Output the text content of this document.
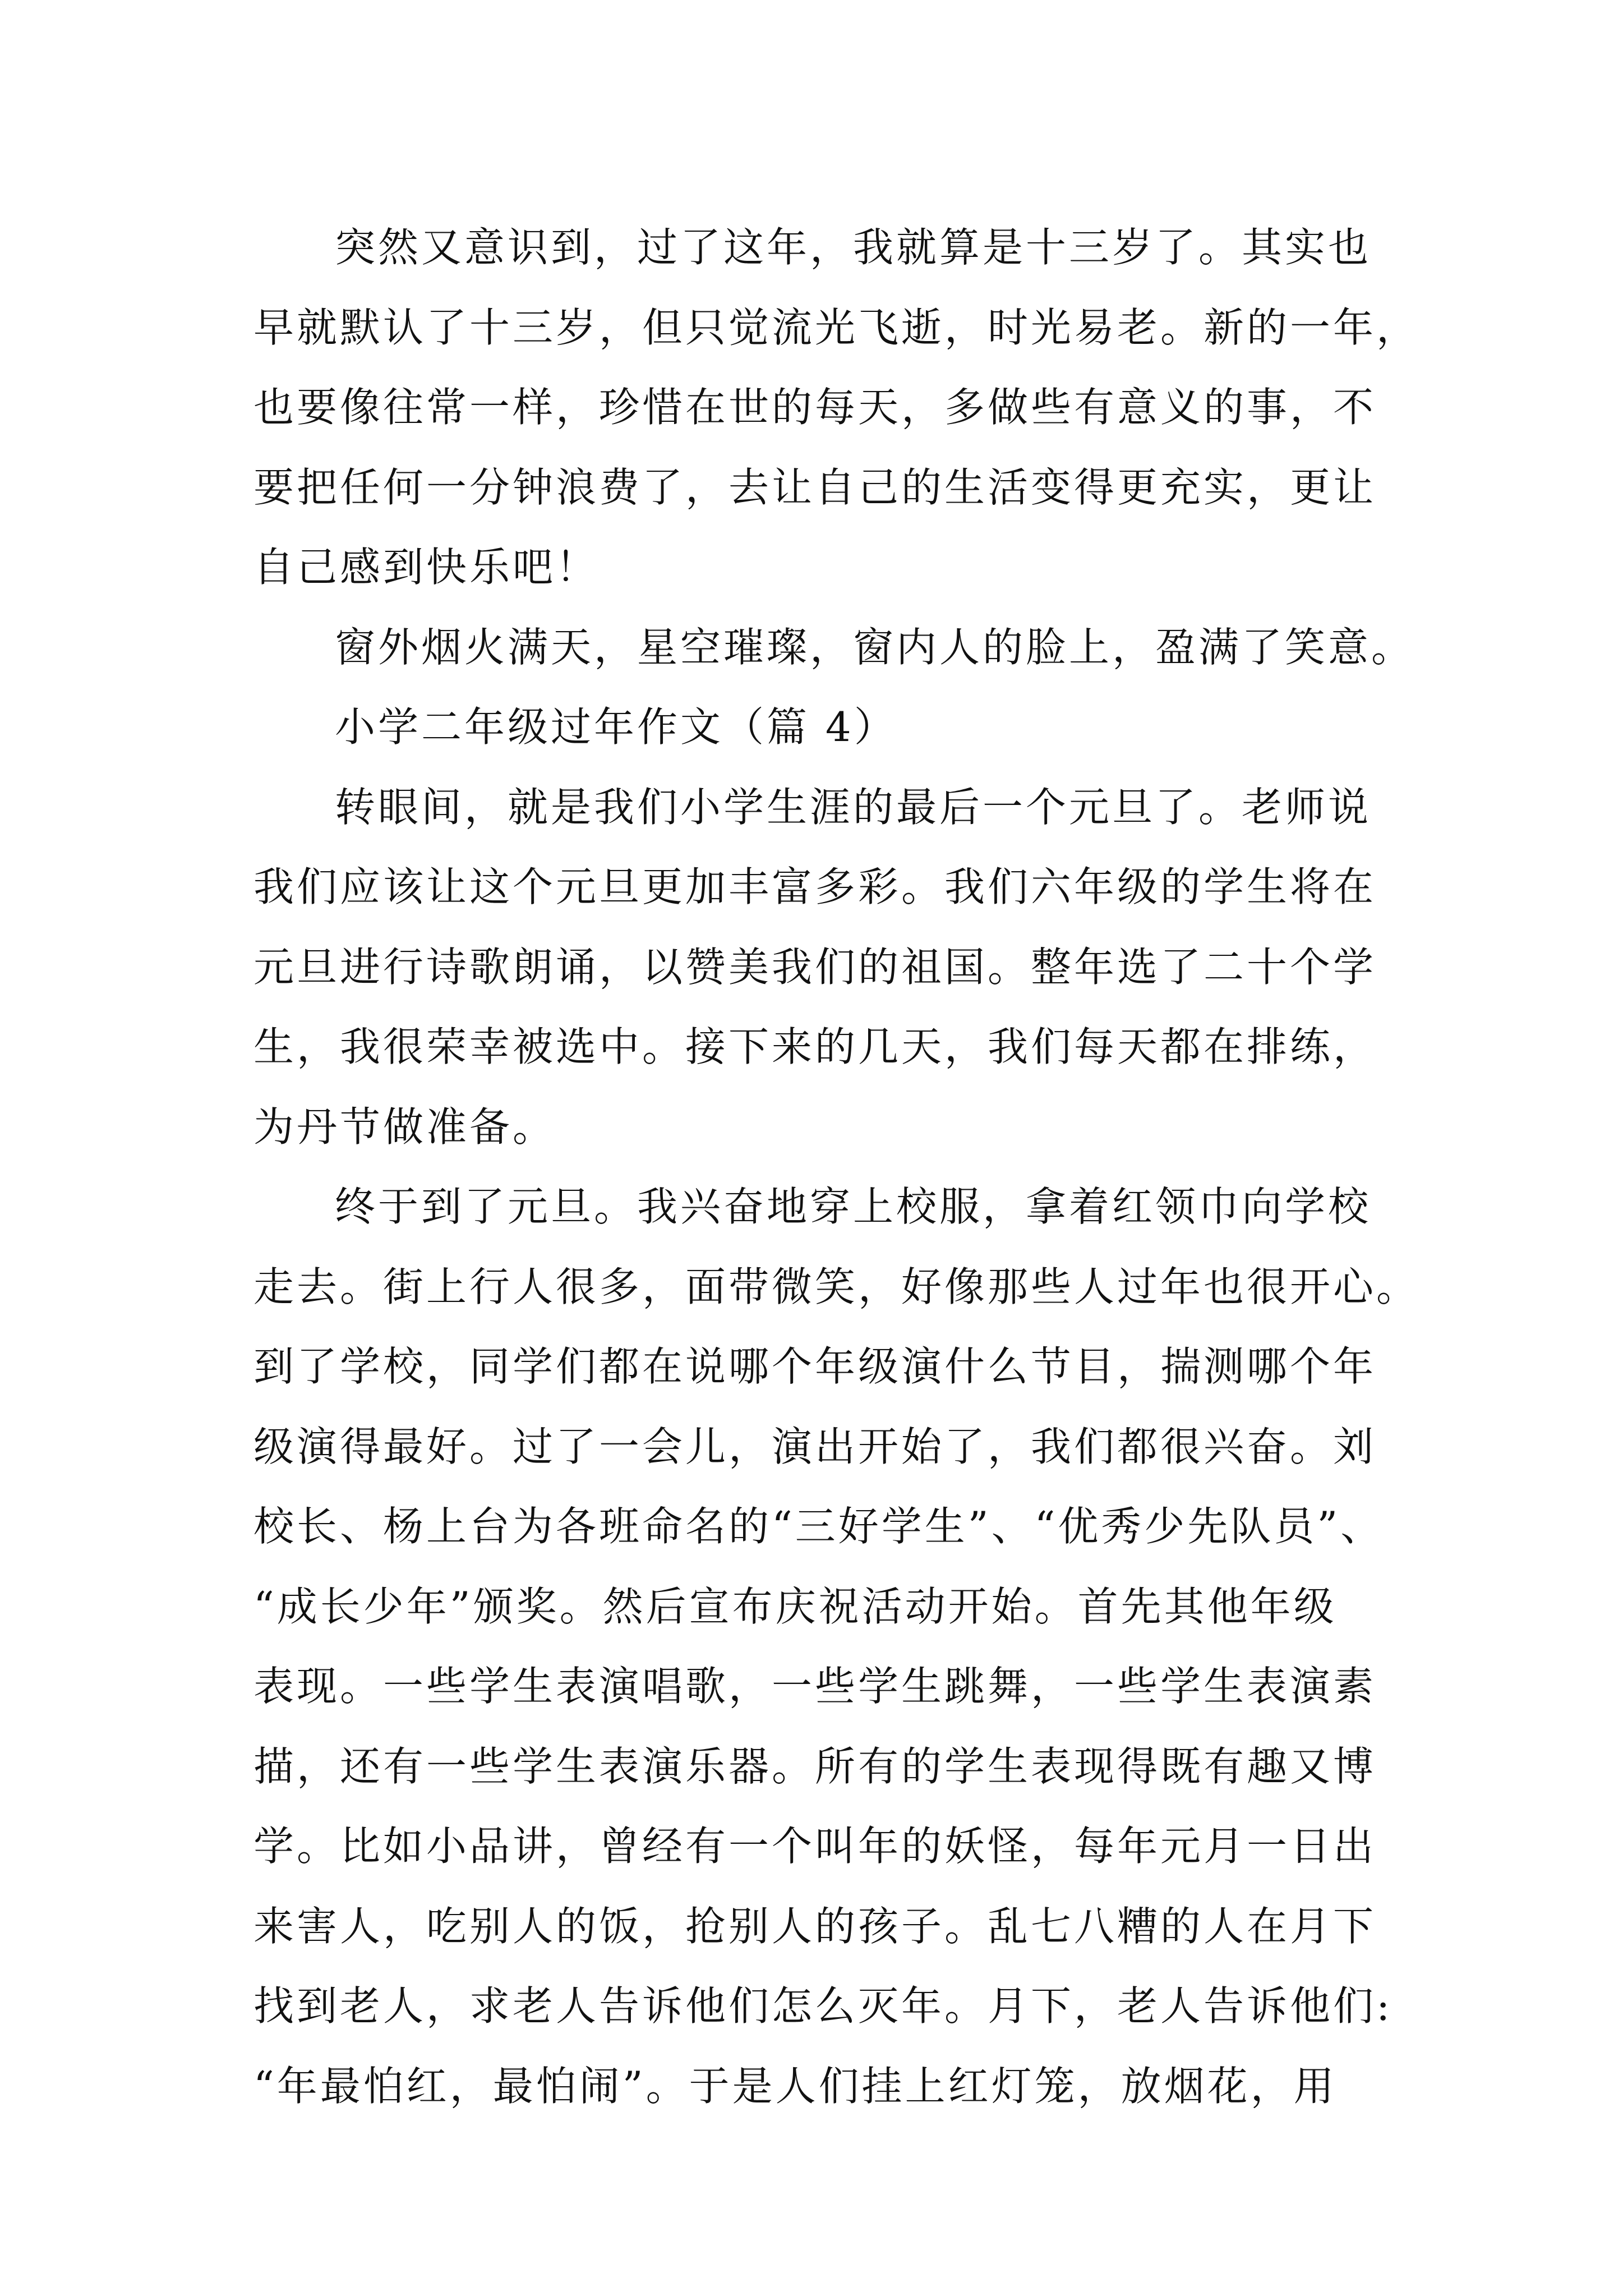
突然又意识到，过了这年，我就算是十三岁了。其实也
早就默认了十三岁，但只觉流光飞逝，时光易老。新的一年，
也要像往常一样，珍惜在世的每天，多做些有意义的事，不
要把任何一分钟浪费了，去让自己的生活变得更充实，更让
自己感到快乐吧！
窗外烟火满天，星空璀璨，窗内人的脸上，盈满了笑意。
小学二年级过年作文（篇 4）
转眼间，就是我们小学生涯的最后一个元旦了。老师说
我们应该让这个元旦更加丰富多彩。我们六年级的学生将在
元旦进行诗歌朗诵，以赞美我们的祖国。整年选了二十个学
生，我很荣幸被选中。接下来的几天，我们每天都在排练，
为丹节做准备。
终于到了元旦。我兴奋地穿上校服，拿着红领巾向学校
走去。街上行人很多，面带微笑，好像那些人过年也很开心。
到了学校，同学们都在说哪个年级演什么节目，揣测哪个年
级演得最好。过了一会儿，演出开始了，我们都很兴奋。刘
校长、杨上台为各班命名的“三好学生”、“优秀少先队员”、
“成长少年”颁奖。然后宣布庆祝活动开始。首先其他年级
表现。一些学生表演唱歌，一些学生跳舞，一些学生表演素
描，还有一些学生表演乐器。所有的学生表现得既有趣又博
学。比如小品讲，曾经有一个叫年的妖怪，每年元月一日出
来害人，吃别人的饭，抢别人的孩子。乱七八糟的人在月下
找到老人，求老人告诉他们怎么灭年。月下，老人告诉他们:
“年最怕红，最怕闹”。于是人们挂上红灯笼，放烟花，用
